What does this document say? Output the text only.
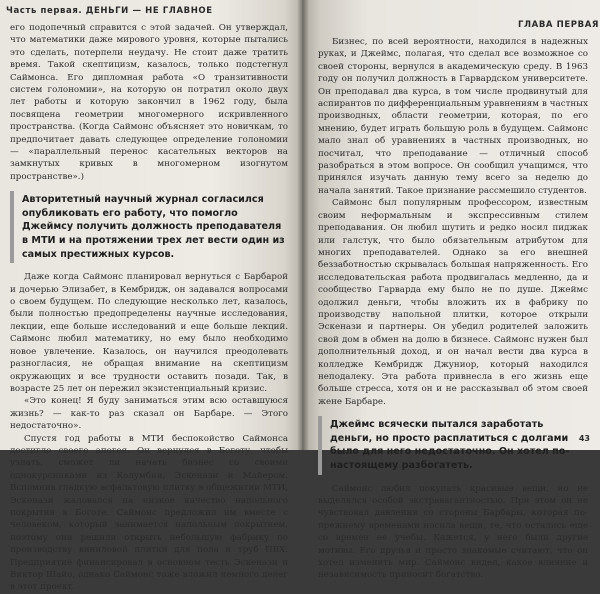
Часть первая. ДЕНЬГИ — НЕ ГЛАВНОЕ

его подопечный справится с этой задачей. Он утверждал, что математики даже мирового уровня, которые пытались это сделать, потерпели неудачу. Не стоит даже тратить время. Такой скептицизм, казалось, только подстегнул Саймонса. Его дипломная работа «О транзитивности систем голономии», на которую он потратил около двух лет работы и которую закончил в 1962 году, была посвящена геометрии многомерного искривленного пространства. (Когда Саймонс объясняет это новичкам, то предпочитает давать следующее определение голономии — «параллельный перенос касательных векторов на замкнутых кривых в многомерном изогнутом пространстве».)

Авторитетный научный журнал согласился опубликовать его работу, что помогло Джеймсу получить должность преподавателя в МТИ и на протяжении трех лет вести один из самых престижных курсов.

Даже когда Саймонс планировал вернуться с Барбарой и дочерью Элизабет, в Кембридж, он задавался вопросами о своем будущем. По следующие несколько лет, казалось, были полностью предопределены научные исследования, лекции, еще больше исследований и еще больше лекций. Саймонс любил математику, но ему было необходимо новое увлечение. Казалось, он научился преодолевать разногласия, не обращая внимание на скептицизм окружающих и все трудности оставить позади. Так, в возрасте 25 лет он пережил экзистенциальный кризис.

«Это конец! Я буду заниматься этим всю оставшуюся жизнь? — как-то раз сказал он Барбаре. — Этого недостаточно».

Спустя год работы в МТИ беспокойство Саймонса достигло своего апогея. Он вернулся в Боготу, чтобы узнать, сможет ли начать бизнес со своими однокурсниками из Колумбии, Эскенази и Майером. Вспомнив гладкую асфальтовую плитку в общежитии МТИ, Эскенази жаловался на низкое качество напольного покрытия в Боготе. Саймонс предложил им вместе с человеком, который занимается напольным покрытием, поэтому они решили открыть небольшую фабрику по производству виниловой плитки для пола и труб ПВХ. Предприятие финансировал в основном тесть Эскенази и Виктор Шайо, однако Саймонс тоже вложил немного денег в этот проект.

ГЛАВА ПЕРВАЯ

Бизнес, по всей вероятности, находился в надежных руках, и Джеймс, полагая, что сделал все возможное со своей стороны, вернулся в академическую среду. В 1963 году он получил должность в Гарвардском университете. Он преподавал два курса, в том числе продвинутый для аспирантов по дифференциальным уравнениям в частных производных, области геометрии, которая, по его мнению, будет играть большую роль в будущем. Саймонс мало знал об уравнениях в частных производных, но посчитал, что преподавание — отличный способ разобраться в этом вопросе. Он сообщил учащимся, что принялся изучать данную тему всего за неделю до начала занятий. Такое признание рассмешило студентов.

Саймонс был популярным профессором, известным своим неформальным и экспрессивным стилем преподавания. Он любил шутить и редко носил пиджак или галстук, что было обязательным атрибутом для многих преподавателей. Однако за его внешней беззаботностью скрывалась большая напряженность. Его исследовательская работа продвигалась медленно, да и сообщество Гарварда ему было не по душе. Джеймс одолжил деньги, чтобы вложить их в фабрику по производству напольной плитки, которое открыли Эскенази и партнеры. Он убедил родителей заложить свой дом в обмен на долю в бизнесе. Саймонс нужен был дополнительный доход, и он начал вести два курса в колледже Кембридж Джуниор, который находился неподалеку. Эта работа привнесла в его жизнь еще больше стресса, хотя он и не рассказывал об этом своей жене Барбаре.

Джеймс всячески пытался заработать деньги, но просто расплатиться с долгами было для него недостаточно. Он хотел по-настоящему разбогатеть.

Саймонс любил покупать красивые вещи, но не выделялся особой экстравагантностью. При этом он не чувствовал давления со стороны Барбары, которая по-прежнему временами носила вещи, те, что остались еще со времен ее учебы. Кажется, у него были другие мотивы. Его друзья и просто знакомые считают, что он хотел изменить мир. Саймонс видел, какое влияние и независимость приносит богатство.

43
